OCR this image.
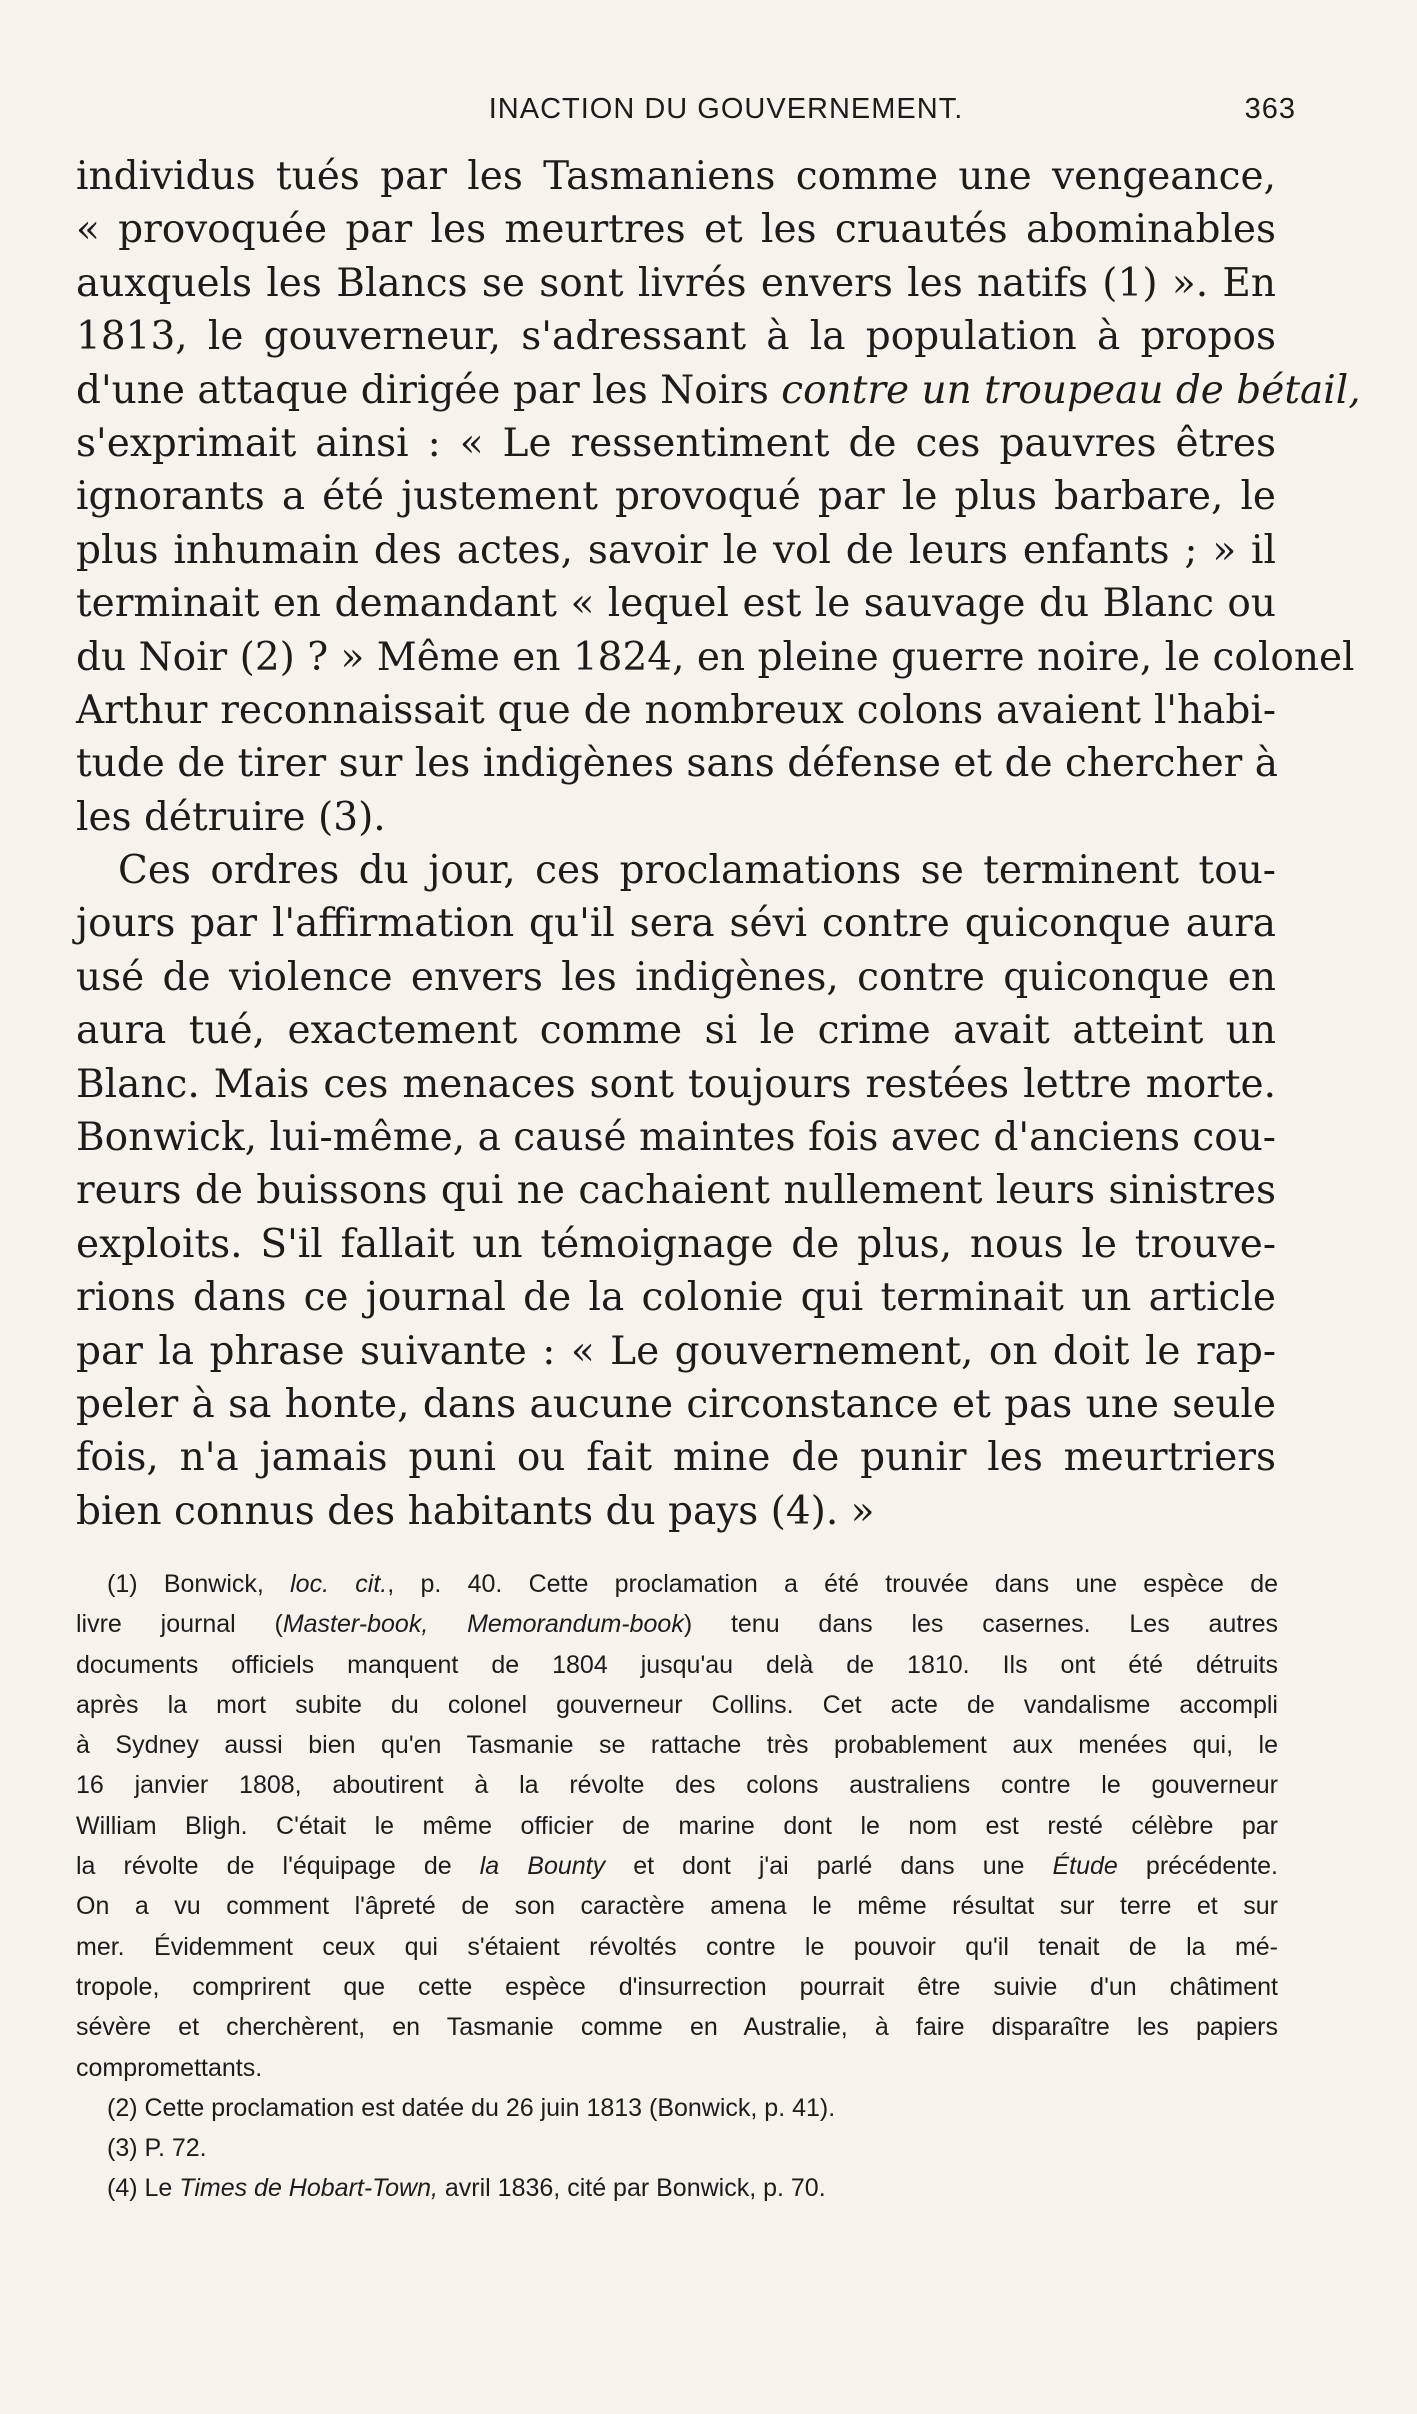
INACTION DU GOUVERNEMENT.	363
individus tués par les Tasmaniens comme une vengeance,
« provoquée par les meurtres et les cruautés abominables
auxquels les Blancs se sont livrés envers les natifs (1) ». En
1813, le gouverneur, s'adressant à la population à propos
d'une attaque dirigée par les Noirs contre un troupeau de bétail,
s'exprimait ainsi : « Le ressentiment de ces pauvres êtres
ignorants a été justement provoqué par le plus barbare, le
plus inhumain des actes, savoir le vol de leurs enfants ; » il
terminait en demandant « lequel est le sauvage du Blanc ou
du Noir (2) ? » Même en 1824, en pleine guerre noire, le colonel
Arthur reconnaissait que de nombreux colons avaient l'habi-
tude de tirer sur les indigènes sans défense et de chercher à
les détruire (3).
Ces ordres du jour, ces proclamations se terminent tou-
jours par l'affirmation qu'il sera sévi contre quiconque aura
usé de violence envers les indigènes, contre quiconque en
aura tué, exactement comme si le crime avait atteint un
Blanc. Mais ces menaces sont toujours restées lettre morte.
Bonwick, lui-même, a causé maintes fois avec d'anciens cou-
reurs de buissons qui ne cachaient nullement leurs sinistres
exploits. S'il fallait un témoignage de plus, nous le trouve-
rions dans ce journal de la colonie qui terminait un article
par la phrase suivante : « Le gouvernement, on doit le rap-
peler à sa honte, dans aucune circonstance et pas une seule
fois, n'a jamais puni ou fait mine de punir les meurtriers
bien connus des habitants du pays (4). »
(1) Bonwick, loc. cit., p. 40. Cette proclamation a été trouvée dans une espèce de
livre journal (Master-book, Memorandum-book) tenu dans les casernes. Les autres
documents officiels manquent de 1804 jusqu'au delà de 1810. Ils ont été détruits
après la mort subite du colonel gouverneur Collins. Cet acte de vandalisme accompli
à Sydney aussi bien qu'en Tasmanie se rattache très probablement aux menées qui, le
16 janvier 1808, aboutirent à la révolte des colons australiens contre le gouverneur
William Bligh. C'était le même officier de marine dont le nom est resté célèbre par
la révolte de l'équipage de la Bounty et dont j'ai parlé dans une Étude précédente.
On a vu comment l'âpreté de son caractère amena le même résultat sur terre et sur
mer. Évidemment ceux qui s'étaient révoltés contre le pouvoir qu'il tenait de la mé-
tropole, comprirent que cette espèce d'insurrection pourrait être suivie d'un châtiment
sévère et cherchèrent, en Tasmanie comme en Australie, à faire disparaître les papiers
compromettants.
(2) Cette proclamation est datée du 26 juin 1813 (Bonwick, p. 41).
(3) P. 72.
(4) Le Times de Hobart-Town, avril 1836, cité par Bonwick, p. 70.
